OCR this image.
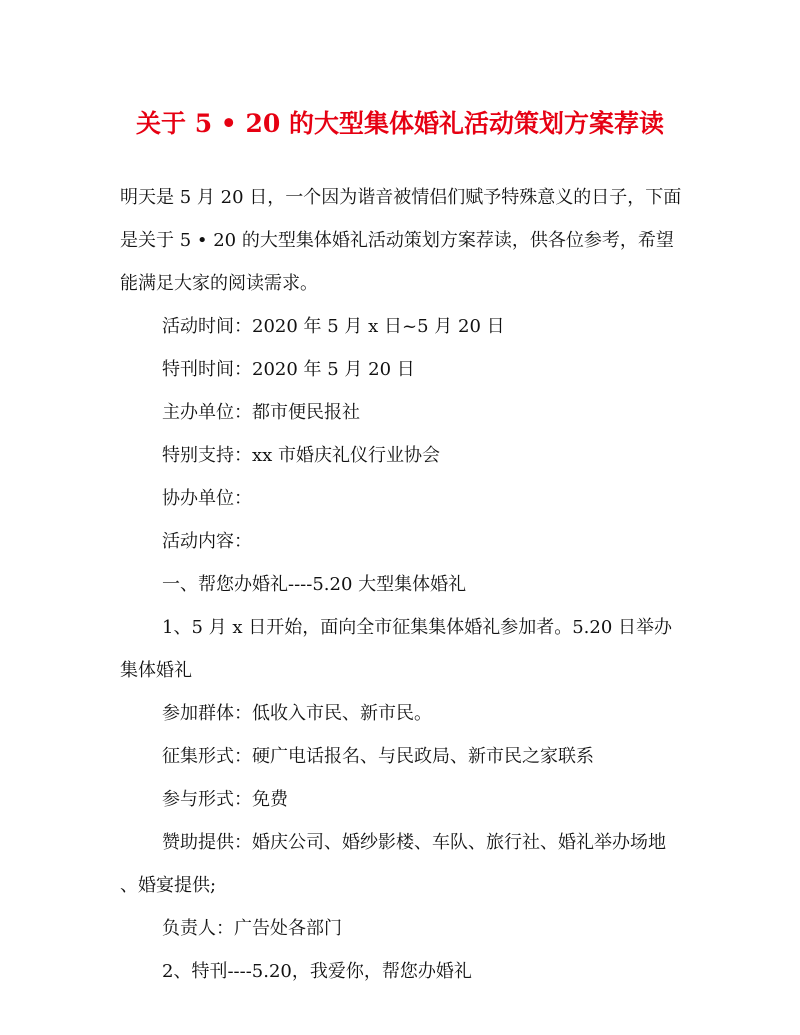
关于 5 • 20 的大型集体婚礼活动策划方案荐读
明天是 5 月 20 日，一个因为谐音被情侣们赋予特殊意义的日子，下面
是关于 5 • 20 的大型集体婚礼活动策划方案荐读，供各位参考，希望
能满足大家的阅读需求。
活动时间：2020 年 5 月 x 日~5 月 20 日
特刊时间：2020 年 5 月 20 日
主办单位：都市便民报社
特别支持：xx 市婚庆礼仪行业协会
协办单位：
活动内容：
一、帮您办婚礼----5.20 大型集体婚礼
1、5 月 x 日开始，面向全市征集集体婚礼参加者。5.20 日举办
集体婚礼
参加群体：低收入市民、新市民。
征集形式：硬广电话报名、与民政局、新市民之家联系
参与形式：免费
赞助提供：婚庆公司、婚纱影楼、车队、旅行社、婚礼举办场地
、婚宴提供;
负责人：广告处各部门
2、特刊----5.20，我爱你，帮您办婚礼
